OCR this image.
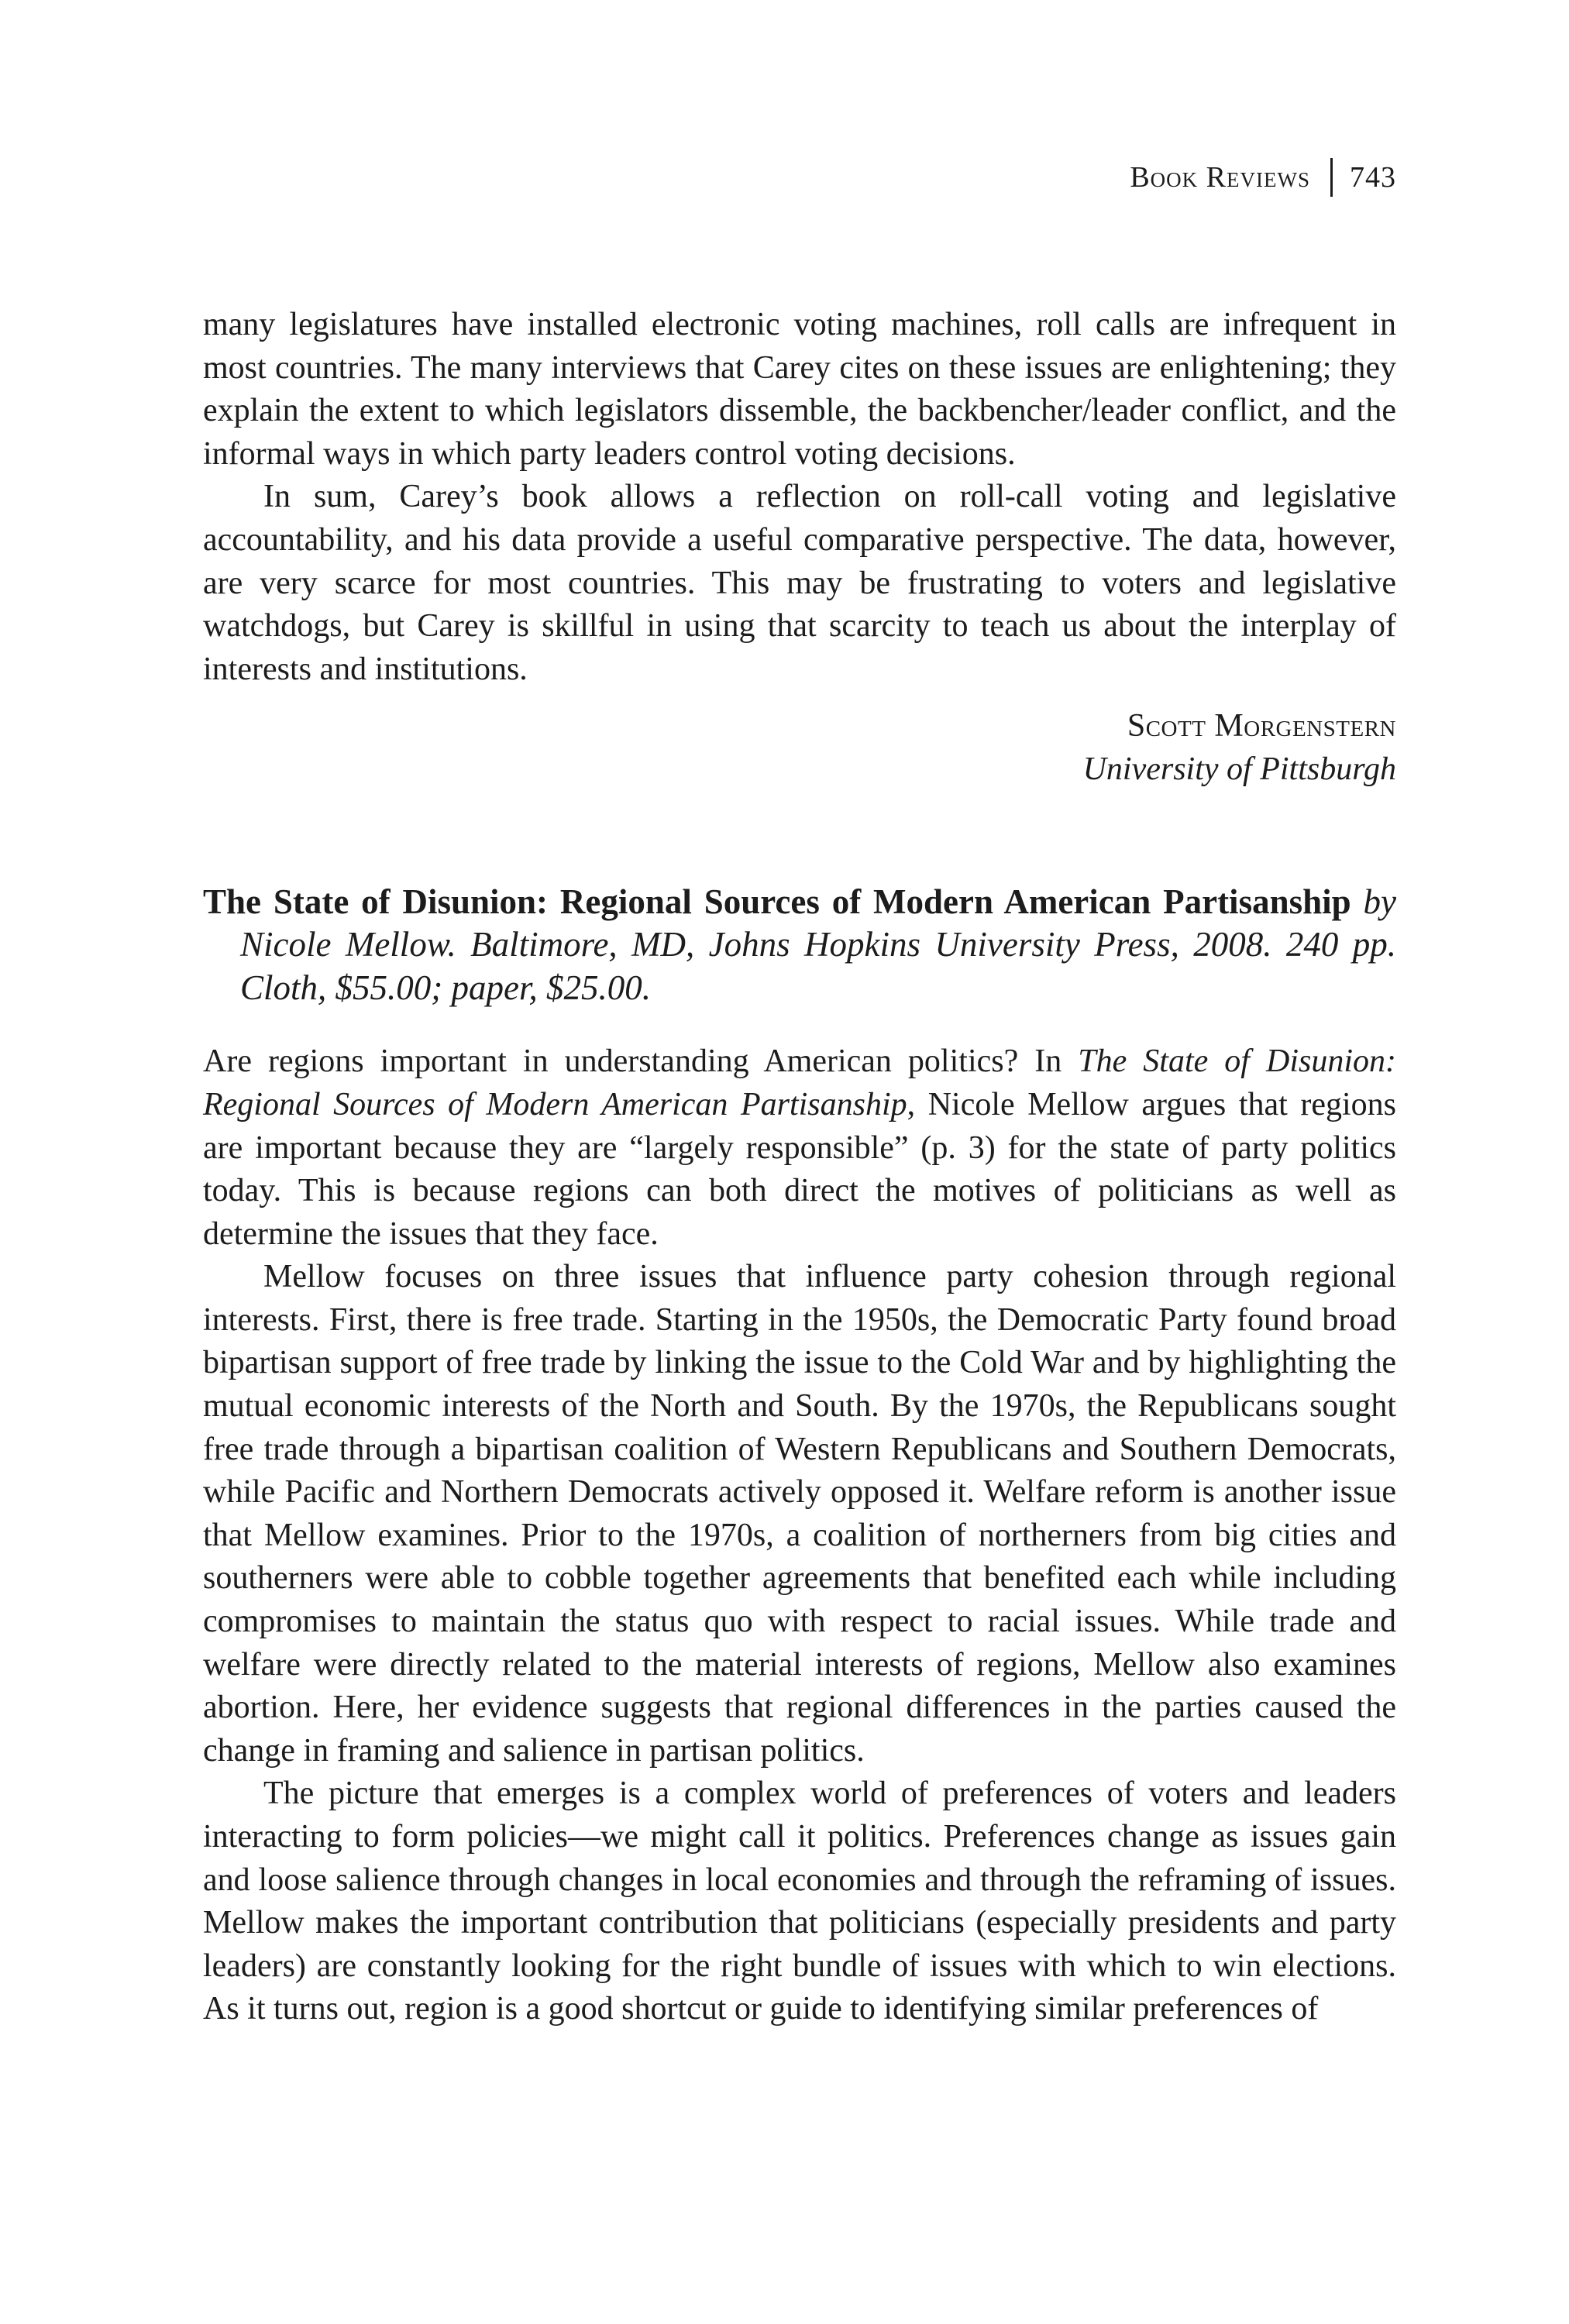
Book Reviews 743

many legislatures have installed electronic voting machines, roll calls are infrequent in most countries. The many interviews that Carey cites on these issues are enlightening; they explain the extent to which legislators dissemble, the backbencher/leader conflict, and the informal ways in which party leaders control voting decisions.

In sum, Carey’s book allows a reflection on roll-call voting and legislative accountability, and his data provide a useful comparative perspective. The data, however, are very scarce for most countries. This may be frustrating to voters and legislative watchdogs, but Carey is skillful in using that scarcity to teach us about the interplay of interests and institutions.

Scott Morgenstern
University of Pittsburgh
The State of Disunion: Regional Sources of Modern American Partisanship by Nicole Mellow. Baltimore, MD, Johns Hopkins University Press, 2008. 240 pp. Cloth, $55.00; paper, $25.00.

Are regions important in understanding American politics? In The State of Disunion: Regional Sources of Modern American Partisanship, Nicole Mellow argues that regions are important because they are “largely responsible” (p. 3) for the state of party politics today. This is because regions can both direct the motives of politicians as well as determine the issues that they face.

Mellow focuses on three issues that influence party cohesion through regional interests. First, there is free trade. Starting in the 1950s, the Democratic Party found broad bipartisan support of free trade by linking the issue to the Cold War and by highlighting the mutual economic interests of the North and South. By the 1970s, the Republicans sought free trade through a bipartisan coalition of Western Republicans and Southern Democrats, while Pacific and Northern Democrats actively opposed it. Welfare reform is another issue that Mellow examines. Prior to the 1970s, a coalition of northerners from big cities and southerners were able to cobble together agreements that benefited each while including compromises to maintain the status quo with respect to racial issues. While trade and welfare were directly related to the material interests of regions, Mellow also examines abortion. Here, her evidence suggests that regional differences in the parties caused the change in framing and salience in partisan politics.

The picture that emerges is a complex world of preferences of voters and leaders interacting to form policies—we might call it politics. Preferences change as issues gain and loose salience through changes in local economies and through the reframing of issues. Mellow makes the important contribution that politicians (especially presidents and party leaders) are constantly looking for the right bundle of issues with which to win elections. As it turns out, region is a good shortcut or guide to identifying similar preferences of
